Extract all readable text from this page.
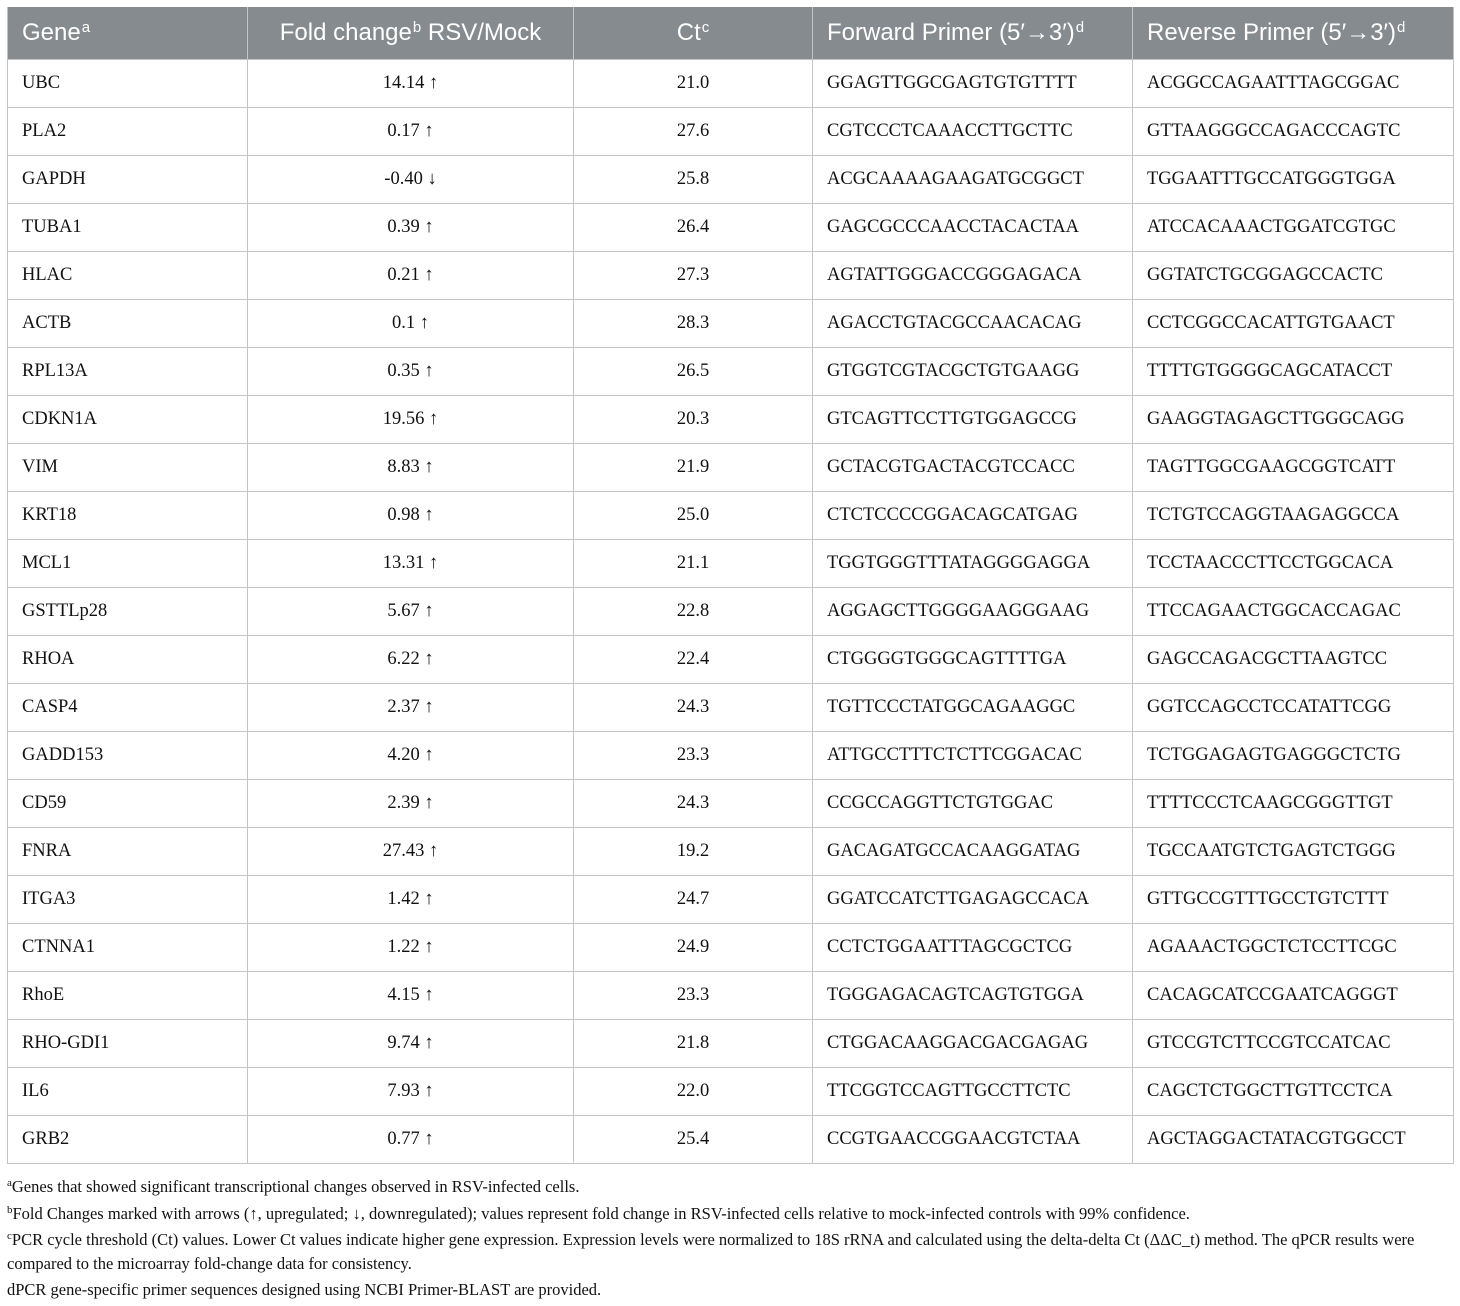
Gene$^a$	Fold change$^b$ RSV/Mock	Ct$^c$	Forward Primer $(5'\to 3')^d$	Reverse Primer $(5'\to 3')^d$
UBC	14.14 ↑	21.0	GGAGTTGGCGAGTGTGTTTT	ACGGCCAGAATTTAGCGGAC
PLA2	0.17 ↑	27.6	CGTCCCTCAAACCTTGCTTC	GTTAAGGGCCAGACCCAGTC
GAPDH	-0.40 ↓	25.8	ACGCAAAAGAAGATGCGGCT	TGGAATTTGCCATGGGTGGA
TUBA1	0.39 ↑	26.4	GAGCGCCCAACCTACACTAA	ATCCACAAACTGGATCGTGC
HLAC	0.21 ↑	27.3	AGTATTGGGACCGGGAGACA	GGTATCTGCGGAGCCACTC
ACTB	0.1 ↑	28.3	AGACCTGTACGCCAACACAG	CCTCGGCCACATTGTGAACT
RPL13A	0.35 ↑	26.5	GTGGTCGTACGCTGTGAAGG	TTTTGTGGGGCAGCATACCT
CDKN1A	19.56 ↑	20.3	GTCAGTTCCTTGTGGAGCCG	GAAGGTAGAGCTTGGGCAGG
VIM	8.83 ↑	21.9	GCTACGTGACTACGTCCACC	TAGTTGGCGAAGCGGTCATT
KRT18	0.98 ↑	25.0	CTCTCCCCGGACAGCATGAG	TCTGTCCAGGTAAGAGGCCA
MCL1	13.31 ↑	21.1	TGGTGGGTTTATAGGGGAGGA	TCCTAACCCTTCCTGGCACA
GSTTLp28	5.67 ↑	22.8	AGGAGCTTGGGGAAGGGAAG	TTCCAGAACTGGCACCAGAC
RHOA	6.22 ↑	22.4	CTGGGGTGGGCAGTTTTGA	GAGCCAGACGCTTAAGTCC
CASP4	2.37 ↑	24.3	TGTTCCCTATGGCAGAAGGC	GGTCCAGCCTCCATATTCGG
GADD153	4.20 ↑	23.3	ATTGCCTTTCTCTTCGGACAC	TCTGGAGAGTGAGGGCTCTG
CD59	2.39 ↑	24.3	CCGCCAGGTTCTGTGGAC	TTTTCCCTCAAGCGGGTTGT
FNRA	27.43 ↑	19.2	GACAGATGCCACAAGGATAG	TGCCAATGTCTGAGTCTGGG
ITGA3	1.42 ↑	24.7	GGATCCATCTTGAGAGCCACA	GTTGCCGTTTGCCTGTCTTT
CTNNA1	1.22 ↑	24.9	CCTCTGGAATTTAGCGCTCG	AGAAACTGGCTCTCCTTCGC
RhoE	4.15 ↑	23.3	TGGGAGACAGTCAGTGTGGA	CACAGCATCCGAATCAGGGT
RHO-GDI1	9.74 ↑	21.8	CTGGACAAGGACGACGAGAG	GTCCGTCTTCCGTCCATCAC
IL6	7.93 ↑	22.0	TTCGGTCCAGTTGCCTTCTC	CAGCTCTGGCTTGTTCCTCA
GRB2	0.77 ↑	25.4	CCGTGAACCGGAACGTCTAA	AGCTAGGACTATACGTGGCCT

$^a$Genes that showed significant transcriptional changes observed in RSV-infected cells.

$^b$Fold Changes marked with arrows (↑, upregulated; ↓, downregulated); values represent fold change in RSV-infected cells relative to mock-infected controls with 99% confidence.

$^c$PCR cycle threshold (Ct) values. Lower Ct values indicate higher gene expression. Expression levels were normalized to 18S rRNA and calculated using the delta-delta Ct (ΔΔC_t) method. The qPCR results were compared to the microarray fold-change data for consistency.

dPCR gene-specific primer sequences designed using NCBI Primer-BLAST are provided.
